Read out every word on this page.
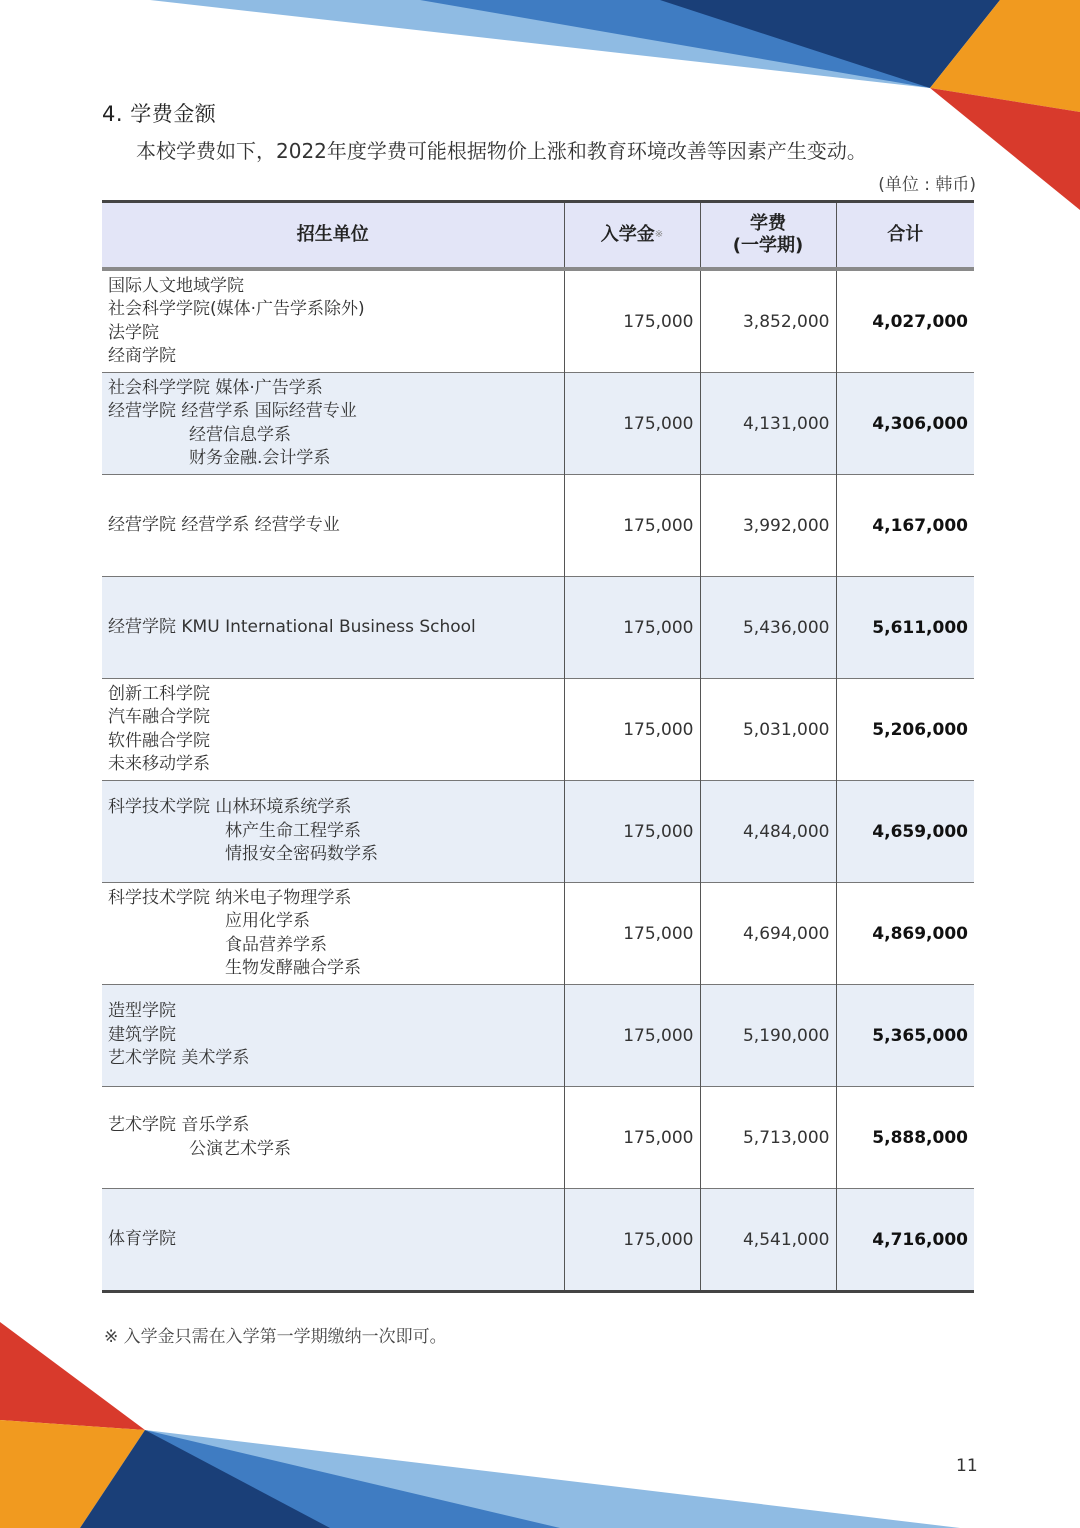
4. 学费金额
本校学费如下，2022年度学费可能根据物价上涨和教育环境改善等因素产生变动。
(单位 : 韩币)
招生单位	入学金※	学费
(一学期)	合计

国际人文地域学院
社会科学学院(媒体·广告学系除外)
法学院
经商学院	175,000	3,852,000	4,027,000

社会科学学院 媒体·广告学系
经营学院 经营学系 国际经营专业
经营信息学系
财务金融.会计学系	175,000	4,131,000	4,306,000

经营学院 经营学系 经营学专业	175,000	3,992,000	4,167,000

经营学院 KMU International Business School	175,000	5,436,000	5,611,000

创新工科学院
汽车融合学院
软件融合学院
未来移动学系	175,000	5,031,000	5,206,000

科学技术学院 山林环境系统学系
林产生命工程学系
情报安全密码数学系	175,000	4,484,000	4,659,000

科学技术学院 纳米电子物理学系
应用化学系
食品营养学系
生物发酵融合学系	175,000	4,694,000	4,869,000

造型学院
建筑学院
艺术学院 美术学系	175,000	5,190,000	5,365,000

艺术学院 音乐学系
公演艺术学系	175,000	5,713,000	5,888,000

体育学院	175,000	4,541,000	4,716,000
※ 入学金只需在入学第一学期缴纳一次即可。
11
